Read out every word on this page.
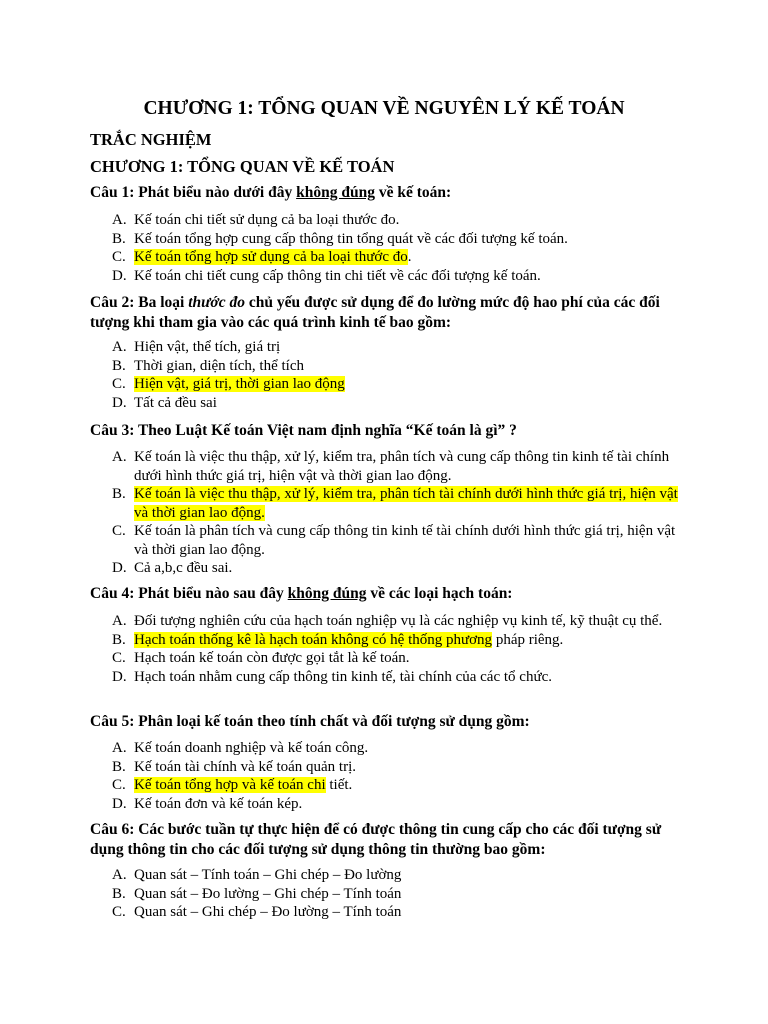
CHƯƠNG 1: TỔNG QUAN VỀ NGUYÊN LÝ KẾ TOÁN
TRẮC NGHIỆM
CHƯƠNG 1: TỔNG QUAN VỀ KẾ TOÁN
Câu 1: Phát biểu nào dưới đây không đúng về kế toán:
A. Kế toán chi tiết sử dụng cả ba loại thước đo.
B. Kế toán tổng hợp cung cấp thông tin tổng quát về các đối tượng kế toán.
C. Kế toán tổng hợp sử dụng cả ba loại thước đo.
D. Kế toán chi tiết cung cấp thông tin chi tiết về các đối tượng kế toán.
Câu 2: Ba loại thước đo chủ yếu được sử dụng để đo lường mức độ hao phí của các đối tượng khi tham gia vào các quá trình kinh tế bao gồm:
A. Hiện vật, thể tích, giá trị
B. Thời gian, diện tích, thể tích
C. Hiện vật, giá trị, thời gian lao động
D. Tất cả đều sai
Câu 3: Theo Luật Kế toán Việt nam định nghĩa “Kế toán là gì” ?
A. Kế toán là việc thu thập, xử lý, kiểm tra, phân tích và cung cấp thông tin kinh tế tài chính dưới hình thức giá trị, hiện vật và thời gian lao động.
B. Kế toán là việc thu thập, xử lý, kiểm tra, phân tích tài chính dưới hình thức giá trị, hiện vật và thời gian lao động.
C. Kế toán là phân tích và cung cấp thông tin kinh tế tài chính dưới hình thức giá trị, hiện vật và thời gian lao động.
D. Cả a,b,c đều sai.
Câu 4: Phát biểu nào sau đây không đúng về các loại hạch toán:
A. Đối tượng nghiên cứu của hạch toán nghiệp vụ là các nghiệp vụ kinh tế, kỹ thuật cụ thể.
B. Hạch toán thống kê là hạch toán không có hệ thống phương pháp riêng.
C. Hạch toán kế toán còn được gọi tắt là kế toán.
D. Hạch toán nhằm cung cấp thông tin kinh tế, tài chính của các tổ chức.
Câu 5: Phân loại kế toán theo tính chất và đối tượng sử dụng gồm:
A. Kế toán doanh nghiệp và kế toán công.
B. Kế toán tài chính và kế toán quản trị.
C. Kế toán tổng hợp và kế toán chi tiết.
D. Kế toán đơn và kế toán kép.
Câu 6: Các bước tuần tự thực hiện để có được thông tin cung cấp cho các đối tượng sử dụng thông tin cho các đối tượng sử dụng thông tin thường bao gồm:
A. Quan sát – Tính toán – Ghi chép – Đo lường
B. Quan sát – Đo lường – Ghi chép – Tính toán
C. Quan sát – Ghi chép – Đo lường – Tính toán
